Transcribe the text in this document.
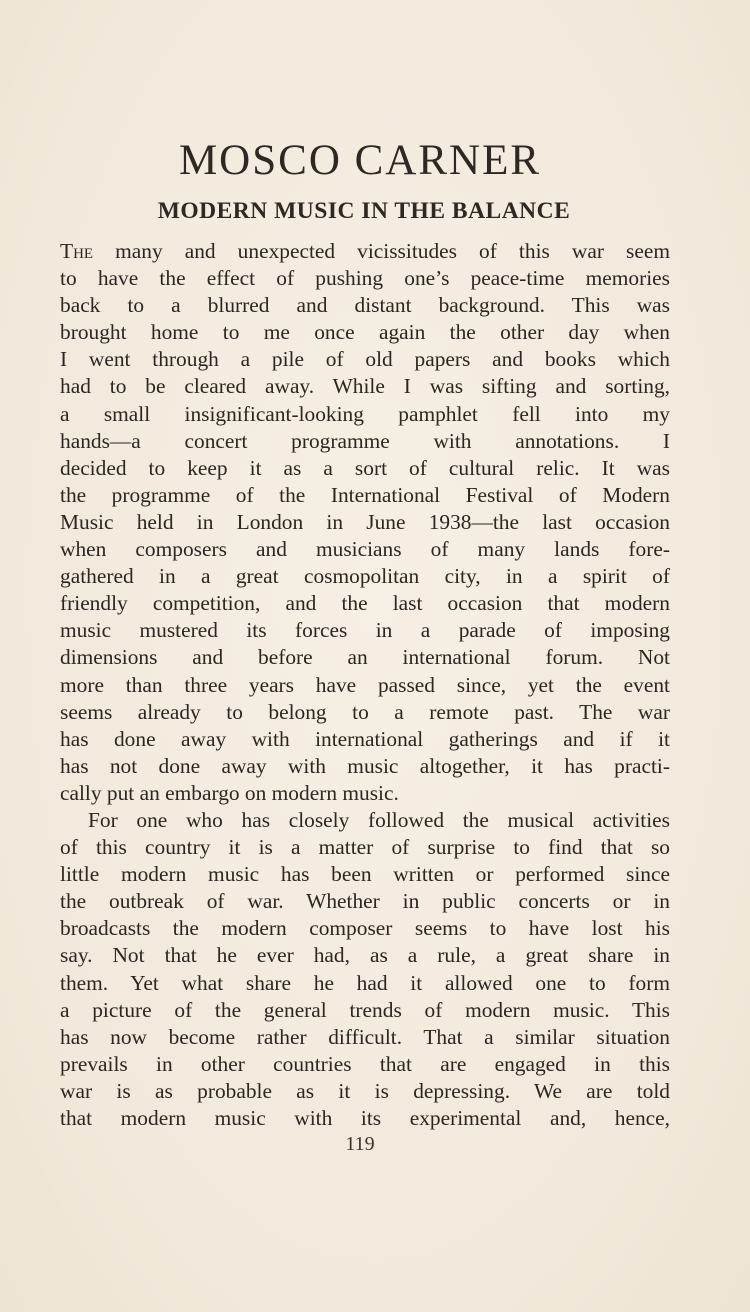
MOSCO CARNER
MODERN MUSIC IN THE BALANCE
The many and unexpected vicissitudes of this war seem
to have the effect of pushing one’s peace-time memories
back to a blurred and distant background. This was
brought home to me once again the other day when
I went through a pile of old papers and books which
had to be cleared away. While I was sifting and sorting,
a small insignificant-looking pamphlet fell into my
hands—a concert programme with annotations. I
decided to keep it as a sort of cultural relic. It was
the programme of the International Festival of Modern
Music held in London in June 1938—the last occasion
when composers and musicians of many lands fore-
gathered in a great cosmopolitan city, in a spirit of
friendly competition, and the last occasion that modern
music mustered its forces in a parade of imposing
dimensions and before an international forum. Not
more than three years have passed since, yet the event
seems already to belong to a remote past. The war
has done away with international gatherings and if it
has not done away with music altogether, it has practi-
cally put an embargo on modern music.
For one who has closely followed the musical activities
of this country it is a matter of surprise to find that so
little modern music has been written or performed since
the outbreak of war. Whether in public concerts or in
broadcasts the modern composer seems to have lost his
say. Not that he ever had, as a rule, a great share in
them. Yet what share he had it allowed one to form
a picture of the general trends of modern music. This
has now become rather difficult. That a similar situation
prevails in other countries that are engaged in this
war is as probable as it is depressing. We are told
that modern music with its experimental and, hence,
119
